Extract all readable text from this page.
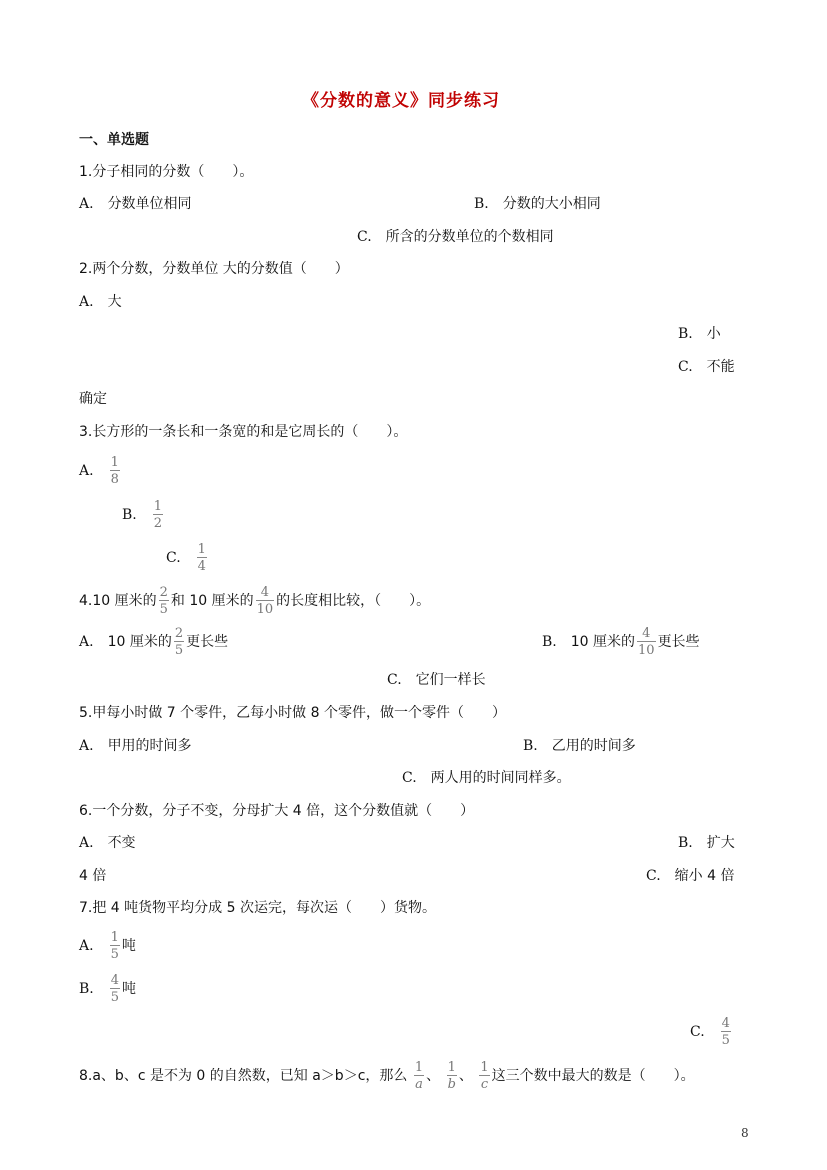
《分数的意义》同步练习
一、单选题
1.分子相同的分数（　　）。
A. 分数单位相同	B. 分数的大小相同
C. 所含的分数单位的个数相同
2.两个分数，分数单位 大的分数值（　　）
A. 大
B. 小
C. 不能
确定
3.长方形的一条长和一条宽的和是它周长的（　　）。
A. $\frac{1}{8}$
B. $\frac{1}{2}$
C. $\frac{1}{4}$
4.10 厘米的 $\frac{2}{5}$ 和 10 厘米的 $\frac{4}{10}$ 的长度相比较，（　　）。
A. 10 厘米的 $\frac{2}{5}$ 更长些	B. 10 厘米的 $\frac{4}{10}$ 更长些
C. 它们一样长
5.甲每小时做 7 个零件，乙每小时做 8 个零件，做一个零件（　　）
A. 甲用的时间多	B. 乙用的时间多
C. 两人用的时间同样多。
6.一个分数，分子不变，分母扩大 4 倍，这个分数值就（　　）
A. 不变	B. 扩大
4 倍	C. 缩小 4 倍
7.把 4 吨货物平均分成 5 次运完，每次运（　　）货物。
A. $\frac{1}{5}$ 吨
B. $\frac{4}{5}$ 吨
C. $\frac{4}{5}$
8.a、b、c 是不为 0 的自然数，已知 a＞b＞c，那么 $\frac{1}{a}$ 、 $\frac{1}{b}$ 、 $\frac{1}{c}$ 这三个数中最大的数是（　　）。
8
